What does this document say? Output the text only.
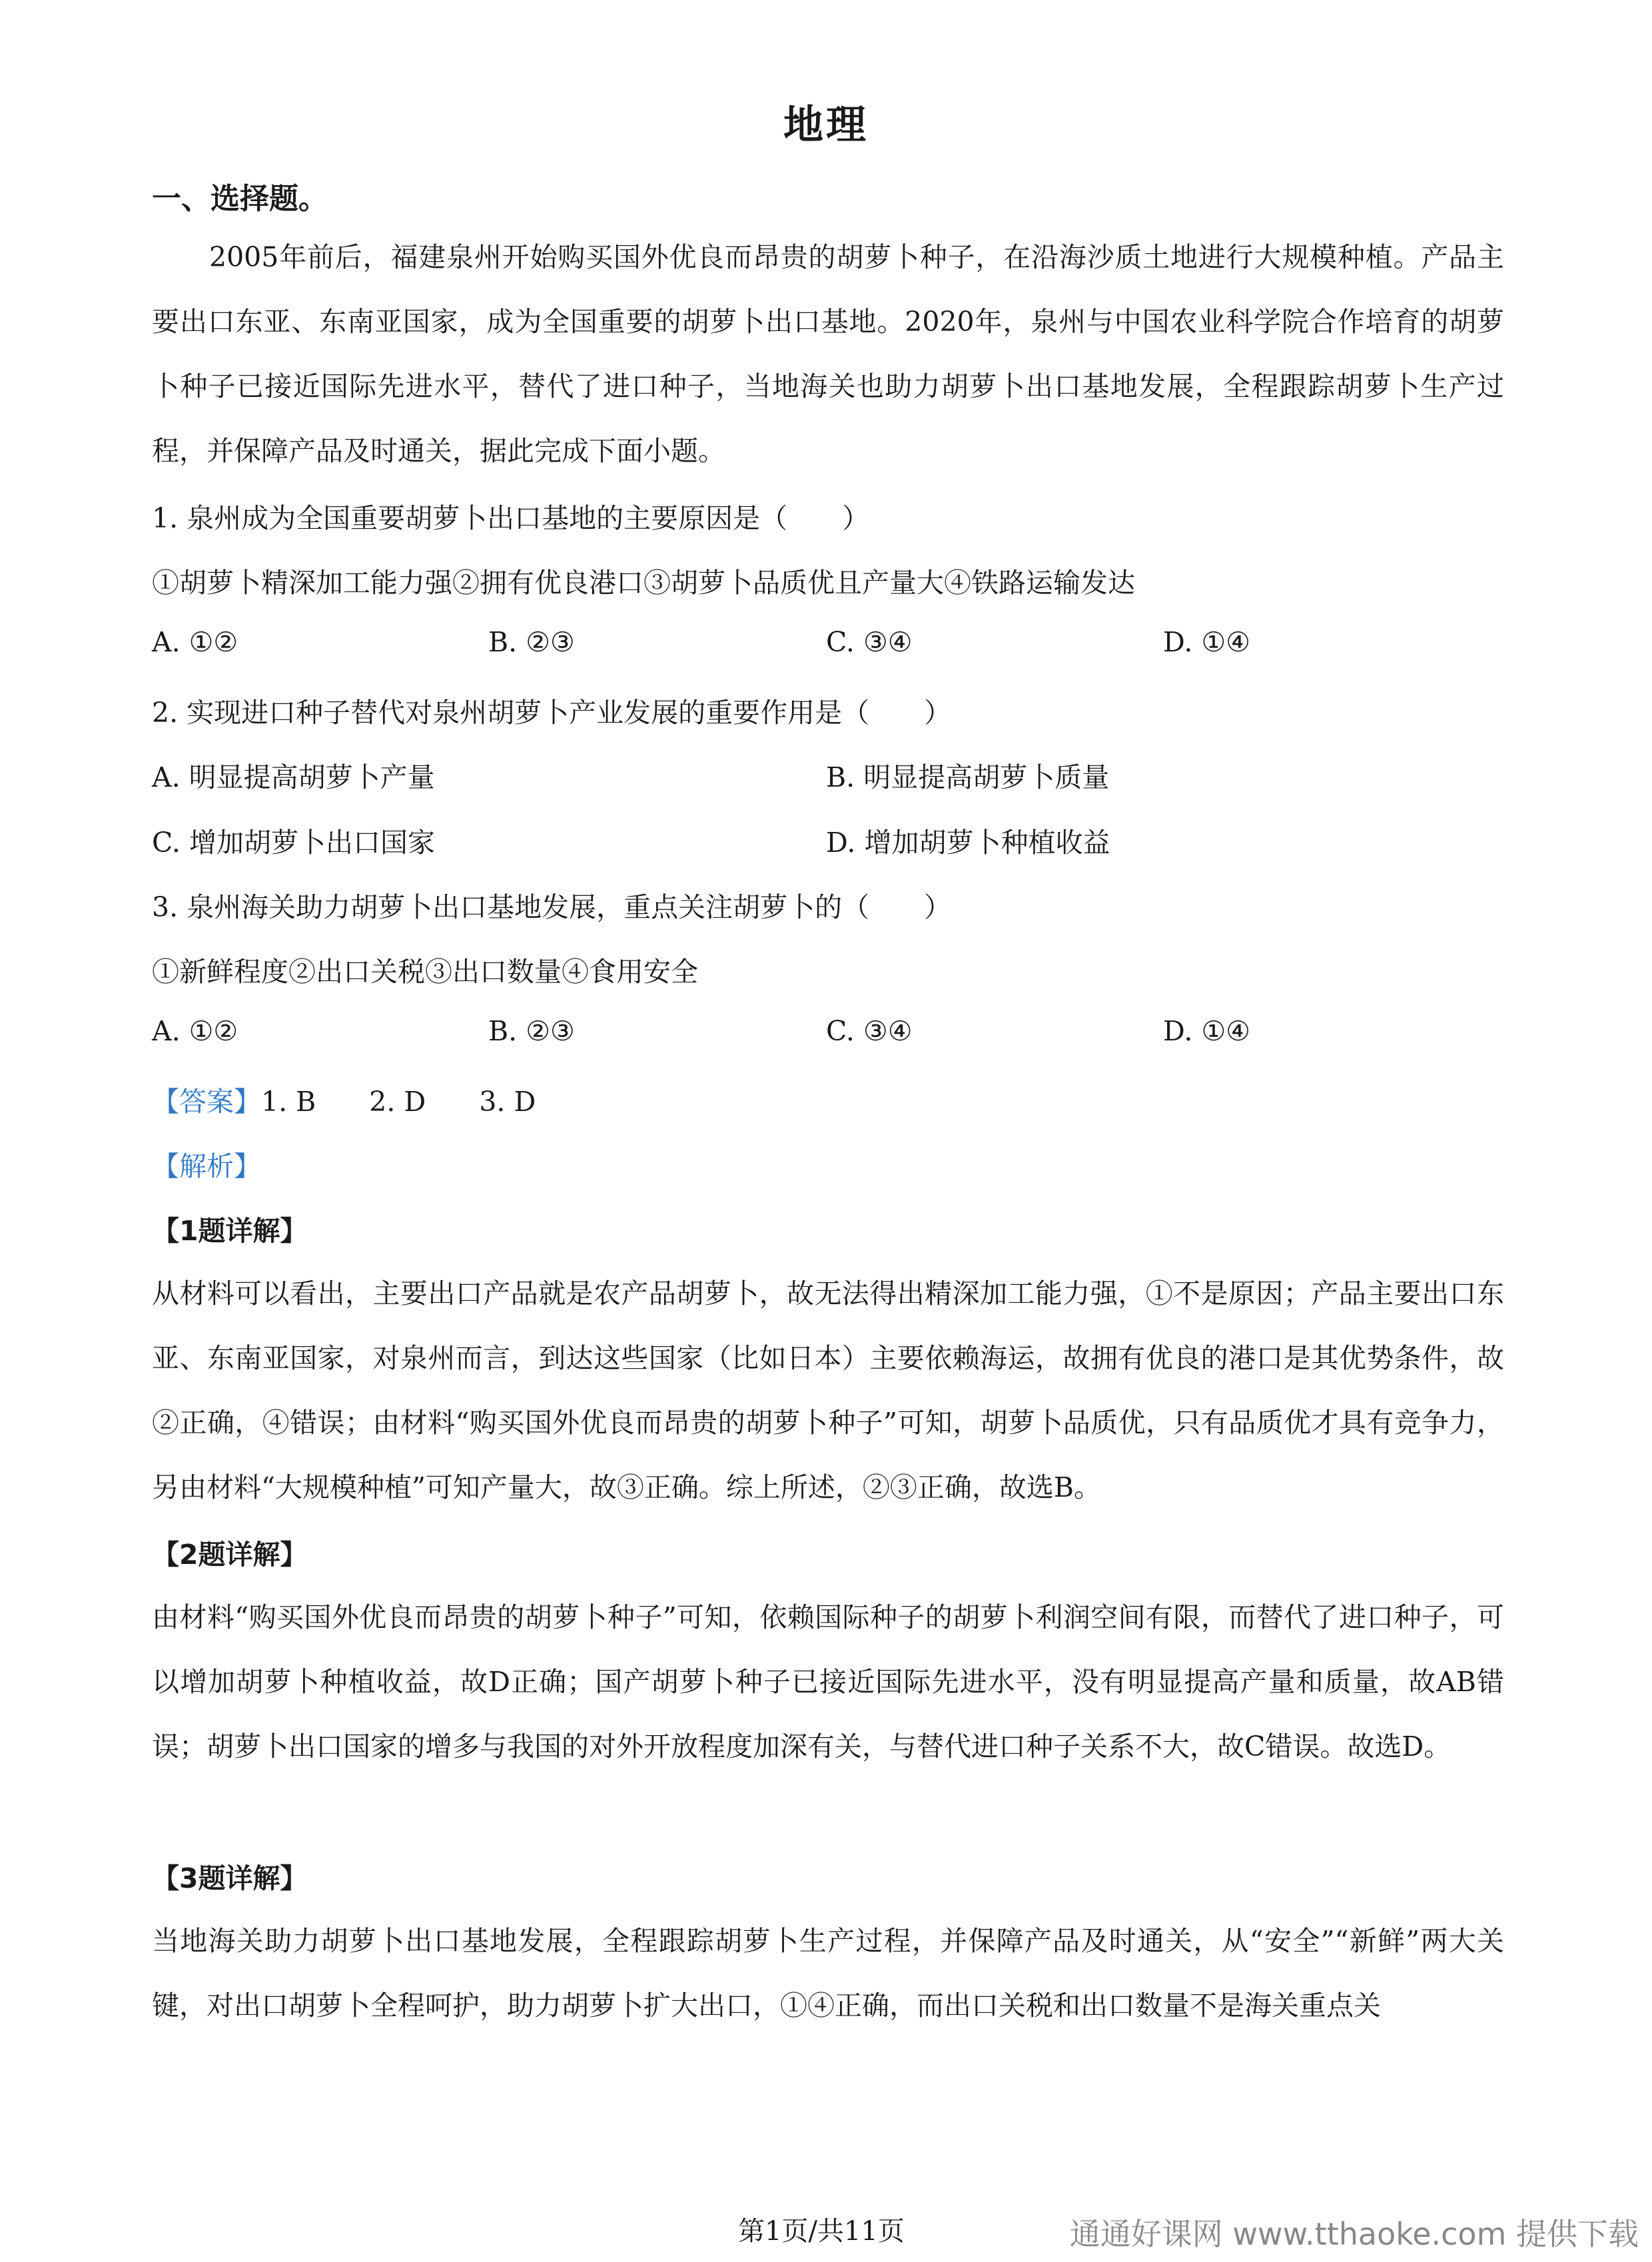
地理
一、选择题。
2005年前后，福建泉州开始购买国外优良而昂贵的胡萝卜种子，在沿海沙质土地进行大规模种植。产品主要出口东亚、东南亚国家，成为全国重要的胡萝卜出口基地。2020年，泉州与中国农业科学院合作培育的胡萝卜种子已接近国际先进水平，替代了进口种子，当地海关也助力胡萝卜出口基地发展，全程跟踪胡萝卜生产过程，并保障产品及时通关，据此完成下面小题。
1. 泉州成为全国重要胡萝卜出口基地的主要原因是（　　）
①胡萝卜精深加工能力强②拥有优良港口③胡萝卜品质优且产量大④铁路运输发达
A. ①②	B. ②③	C. ③④	D. ①④
2. 实现进口种子替代对泉州胡萝卜产业发展的重要作用是（　　）
A. 明显提高胡萝卜产量	B. 明显提高胡萝卜质量
C. 增加胡萝卜出口国家	D. 增加胡萝卜种植收益
3. 泉州海关助力胡萝卜出口基地发展，重点关注胡萝卜的（　　）
①新鲜程度②出口关税③出口数量④食用安全
A. ①②	B. ②③	C. ③④	D. ①④
【答案】1. B 2. D 3. D
【解析】
【1题详解】
从材料可以看出，主要出口产品就是农产品胡萝卜，故无法得出精深加工能力强，①不是原因；产品主要出口东亚、东南亚国家，对泉州而言，到达这些国家（比如日本）主要依赖海运，故拥有优良的港口是其优势条件，故②正确，④错误；由材料“购买国外优良而昂贵的胡萝卜种子”可知，胡萝卜品质优，只有品质优才具有竞争力，另由材料“大规模种植”可知产量大，故③正确。综上所述，②③正确，故选B。
【2题详解】
由材料“购买国外优良而昂贵的胡萝卜种子”可知，依赖国际种子的胡萝卜利润空间有限，而替代了进口种子，可以增加胡萝卜种植收益，故D正确；国产胡萝卜种子已接近国际先进水平，没有明显提高产量和质量，故AB错误；胡萝卜出口国家的增多与我国的对外开放程度加深有关，与替代进口种子关系不大，故C错误。故选D。
【3题详解】
当地海关助力胡萝卜出口基地发展，全程跟踪胡萝卜生产过程，并保障产品及时通关，从“安全”“新鲜”两大关键，对出口胡萝卜全程呵护，助力胡萝卜扩大出口，①④正确，而出口关税和出口数量不是海关重点关
第1页/共11页	通通好课网 www.tthaoke.com 提供下载
